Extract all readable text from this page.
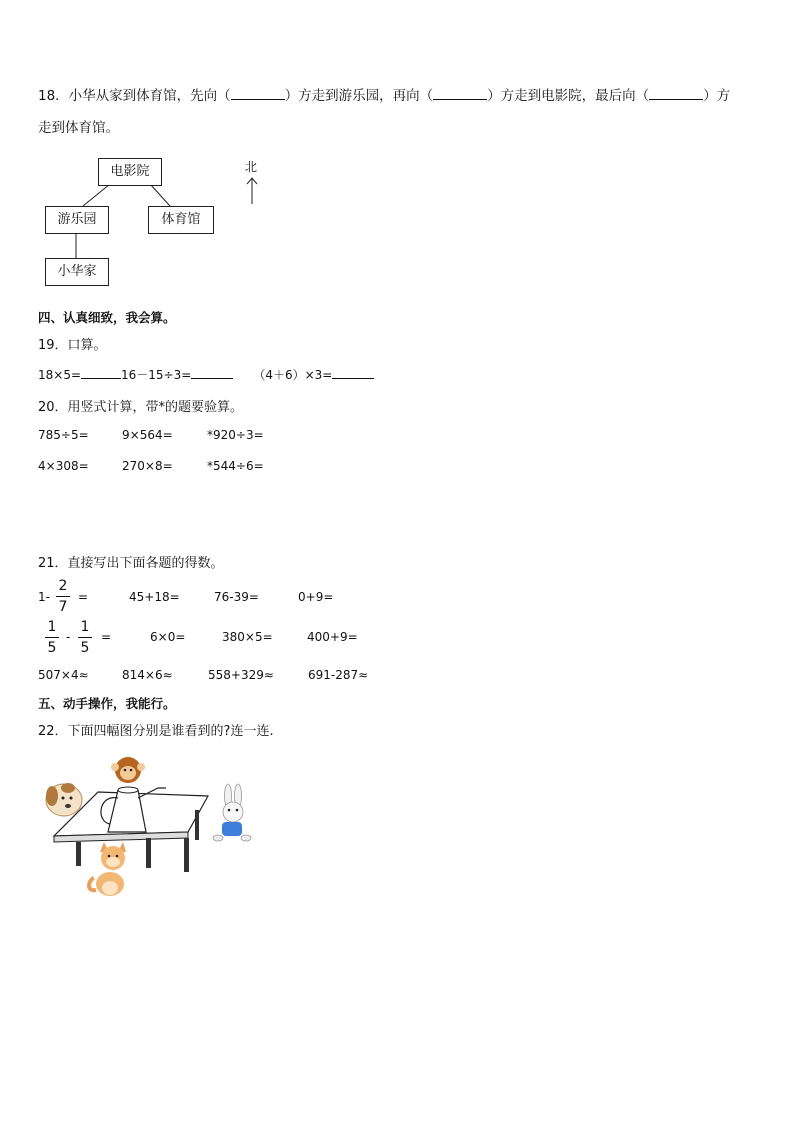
18．小华从家到体育馆，先向（	）方走到游乐园，再向（	）方走到电影院，最后向（	）方
走到体育馆。
电影院
游乐园	体育馆
小华家
北
四、认真细致，我会算。
19．口算。
18×5=	16－15÷3=	（4＋6）×3=
20．用竖式计算，带*的题要验算。
785÷5=	9×564=	*920÷3=
4×308=	270×8=	*544÷6=
21．直接写出下面各题的得数。
1-
2
7
=	45+18=	76-39=	0+9=
1
5
-
1
5
=	6×0=	380×5=	400+9=
507×4≈	814×6≈	558+329≈	691-287≈
五、动手操作，我能行。
22．下面四幅图分别是谁看到的?连一连.
